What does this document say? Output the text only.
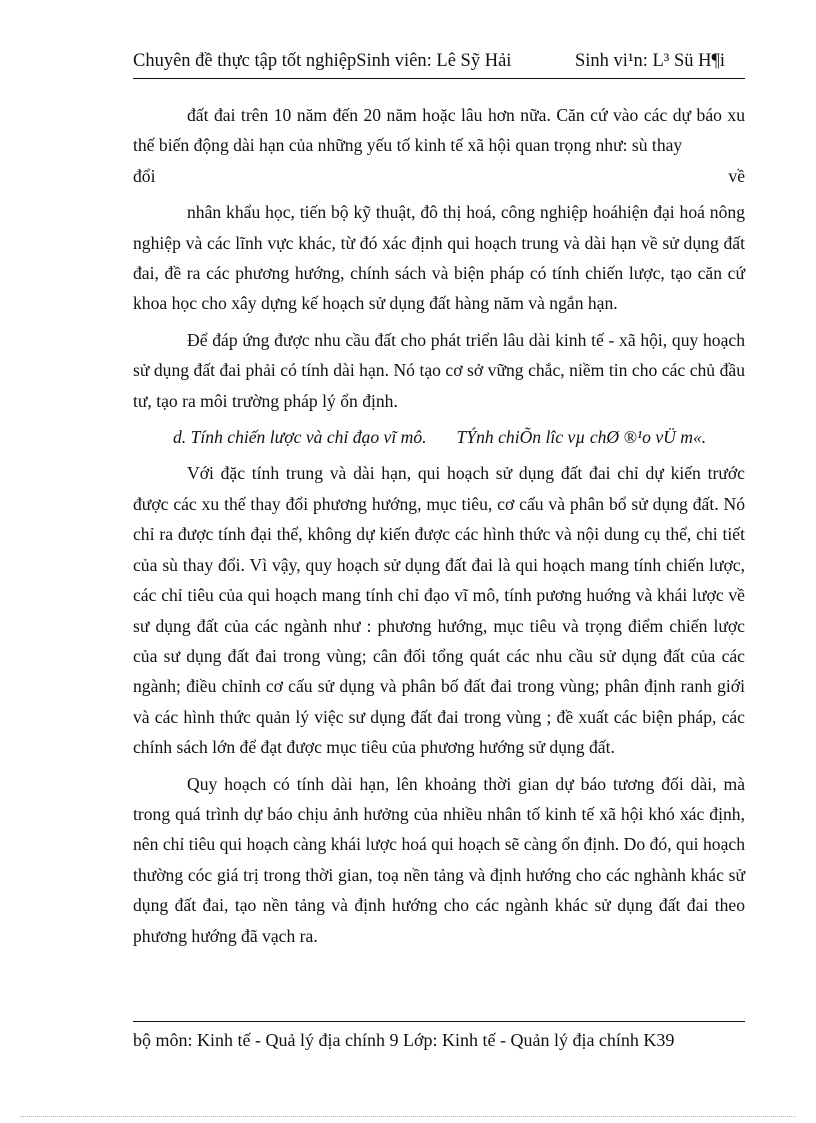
Chuyên đề thực tập tốt nghiệpSinh viên: Lê Sỹ Hải	Sinh vi¹n: L³ Sü H¶i

đất đai trên 10 năm đến 20 năm hoặc lâu hơn nữa. Căn cứ vào các dự báo xu thế biến động dài hạn của những yếu tố kinh tế xã hội quan trọng như: sù thay

đổi	về

nhân khẩu học, tiến bộ kỹ thuật, đô thị hoá, công nghiệp hoáhiện đại hoá nông nghiệp và các lĩnh vực khác, từ đó xác định qui hoạch trung và dài hạn về sử dụng đất đai, đề ra các phương hướng, chính sách và biện pháp có tính chiến lược, tạo căn cứ khoa học cho xây dựng kế hoạch sử dụng đất hàng năm và ngắn hạn.

Để đáp ứng được nhu cầu đất cho phát triển lâu dài kinh tế - xã hội, quy hoạch sử dụng đất đai phải có tính dài hạn. Nó tạo cơ sở vững chắc, niềm tin cho các chủ đầu tư, tạo ra môi trường pháp lý ổn định.

d. Tính chiến lược và chỉ đạo vĩ mô. TÝnh chiÕn lîc vµ chØ ®¹o vÜ m«.

Với đặc tính trung và dài hạn, qui hoạch sử dụng đất đai chỉ dự kiến trước được các xu thế thay đổi phương hướng, mục tiêu, cơ cấu và phân bổ sử dụng đất. Nó chỉ ra được tính đại thể, không dự kiến được các hình thức và nội dung cụ thể, chi tiết của sù thay đổi. Vì vậy, quy hoạch sử dụng đất đai là qui hoạch mang tính chiến lược, các chỉ tiêu của qui hoạch mang tính chỉ đạo vĩ mô, tính pương huớng và khái lược về sư dụng đất của các ngành như : phương hướng, mục tiêu và trọng điểm chiến lược của sư dụng đất đai trong vùng; cân đối tổng quát các nhu cầu sử dụng đất của các ngành; điều chỉnh cơ cấu sử dụng và phân bố đất đai trong vùng; phân định ranh giới và các hình thức quản lý việc sư dụng đất đai trong vùng ; đề xuất các biện pháp, các chính sách lớn để đạt được mục tiêu của phương hướng sử dụng đất.

Quy hoạch có tính dài hạn, lên khoảng thời gian dự báo tương đối dài, mà trong quá trình dự báo chịu ảnh hưởng của nhiều nhân tố kinh tế xã hội khó xác định, nên chỉ tiêu qui hoạch càng khái lược hoá qui hoạch sẽ càng ổn định. Do đó, qui hoạch thường cóc giá trị trong thời gian, toạ nền tảng và định hướng cho các nghành khác sử dụng đất đai, tạo nền tảng và định hướng cho các ngành khác sử dụng đất đai theo phương hướng đã vạch ra.

bộ môn: Kinh tế - Quả lý địa chính 9 Lớp: Kinh tế - Quản lý địa chính K39
